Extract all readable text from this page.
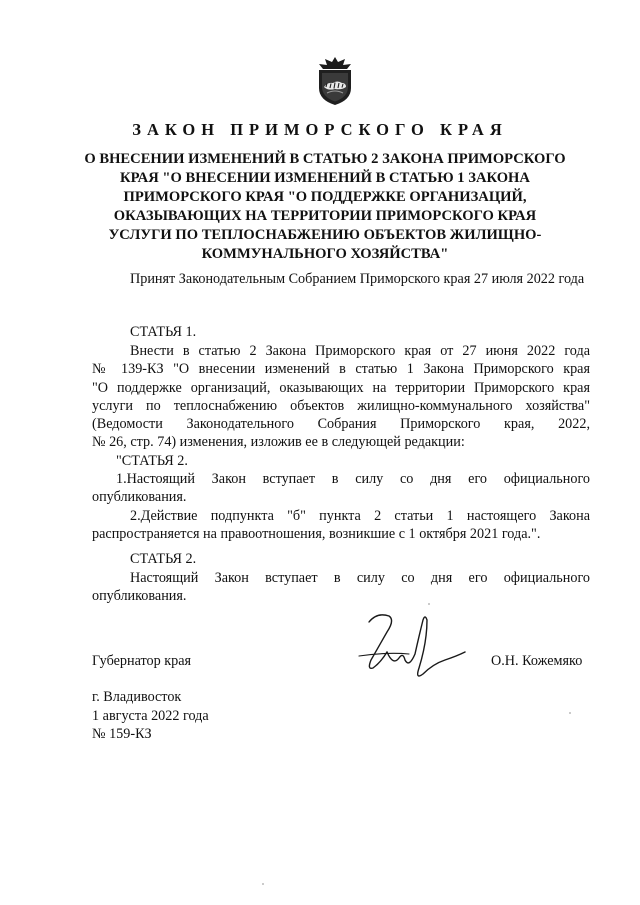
ЗАКОН ПРИМОРСКОГО КРАЯ
О ВНЕСЕНИИ ИЗМЕНЕНИЙ В СТАТЬЮ 2 ЗАКОНА ПРИМОРСКОГО
КРАЯ "О ВНЕСЕНИИ ИЗМЕНЕНИЙ В СТАТЬЮ 1 ЗАКОНА
ПРИМОРСКОГО КРАЯ "О ПОДДЕРЖКЕ ОРГАНИЗАЦИЙ,
ОКАЗЫВАЮЩИХ НА ТЕРРИТОРИИ ПРИМОРСКОГО КРАЯ
УСЛУГИ ПО ТЕПЛОСНАБЖЕНИЮ ОБЪЕКТОВ ЖИЛИЩНО-
КОММУНАЛЬНОГО ХОЗЯЙСТВА"
Принят Законодательным Собранием Приморского края 27 июля 2022 года
СТАТЬЯ 1.
Внести в статью 2 Закона Приморского края от 27 июня 2022 года
№ 139-КЗ "О внесении изменений в статью 1 Закона Приморского края
"О поддержке организаций, оказывающих на территории Приморского края
услуги по теплоснабжению объектов жилищно-коммунального хозяйства"
(Ведомости Законодательного Собрания Приморского края, 2022,
№ 26, стр. 74) изменения, изложив ее в следующей редакции:
"СТАТЬЯ 2.
1.Настоящий Закон вступает в силу со дня его официального
опубликования.
2.Действие подпункта "б" пункта 2 статьи 1 настоящего Закона
распространяется на правоотношения, возникшие с 1 октября 2021 года.".
СТАТЬЯ 2.
Настоящий Закон вступает в силу со дня его официального
опубликования.
Губернатор края	О.Н. Кожемяко
г. Владивосток
1 августа 2022 года
№ 159-КЗ
